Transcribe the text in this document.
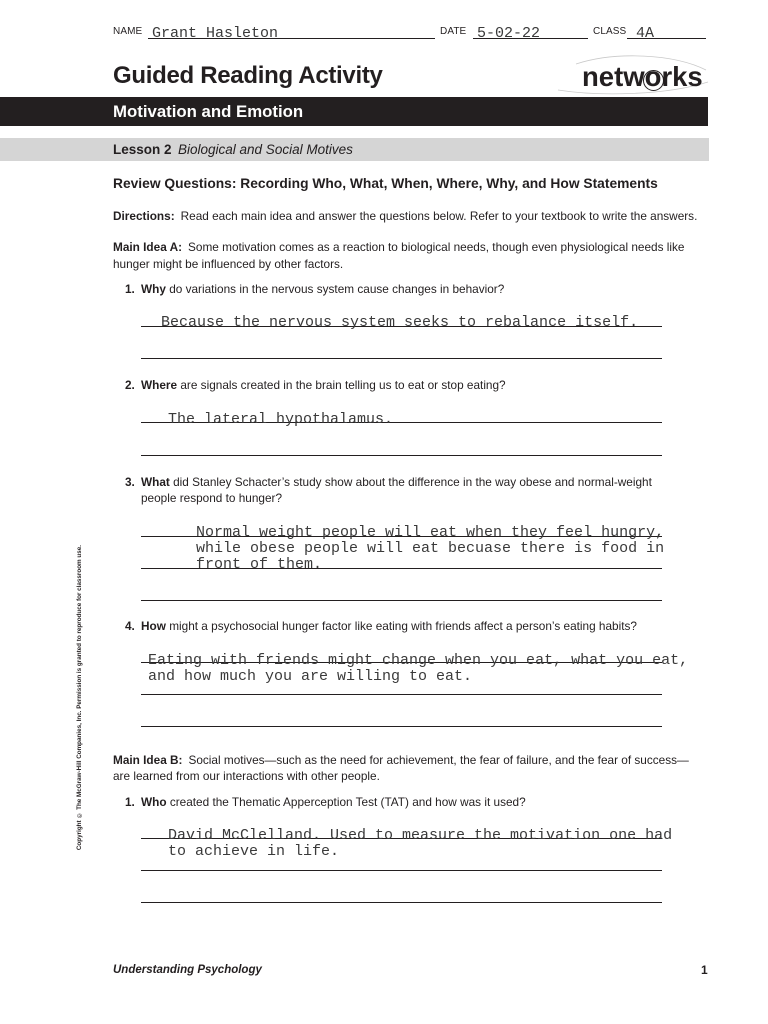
NAME Grant Hasleton	DATE 5-02-22	CLASS 4A
Guided Reading Activity	networks
Motivation and Emotion
Lesson 2 Biological and Social Motives
Review Questions: Recording Who, What, When, Where, Why, and How Statements
Directions: Read each main idea and answer the questions below. Refer to your textbook to write the answers.
Main Idea A: Some motivation comes as a reaction to biological needs, though even physiological needs like
hunger might be influenced by other factors.
1. Why do variations in the nervous system cause changes in behavior?
Because the nervous system seeks to rebalance itself.
2. Where are signals created in the brain telling us to eat or stop eating?
The lateral hypothalamus.
3. What did Stanley Schacter’s study show about the difference in the way obese and normal-weight
people respond to hunger?
Normal weight people will eat when they feel hungry,
while obese people will eat becuase there is food in
front of them.
4. How might a psychosocial hunger factor like eating with friends affect a person’s eating habits?
Eating with friends might change when you eat, what you eat,
and how much you are willing to eat.
Main Idea B: Social motives—such as the need for achievement, the fear of failure, and the fear of success—
are learned from our interactions with other people.
1. Who created the Thematic Apperception Test (TAT) and how was it used?
David McClelland. Used to measure the motivation one had
to achieve in life.
Copyright © The McGraw-Hill Companies, Inc. Permission is granted to reproduce for classroom use.
Understanding Psychology	1
